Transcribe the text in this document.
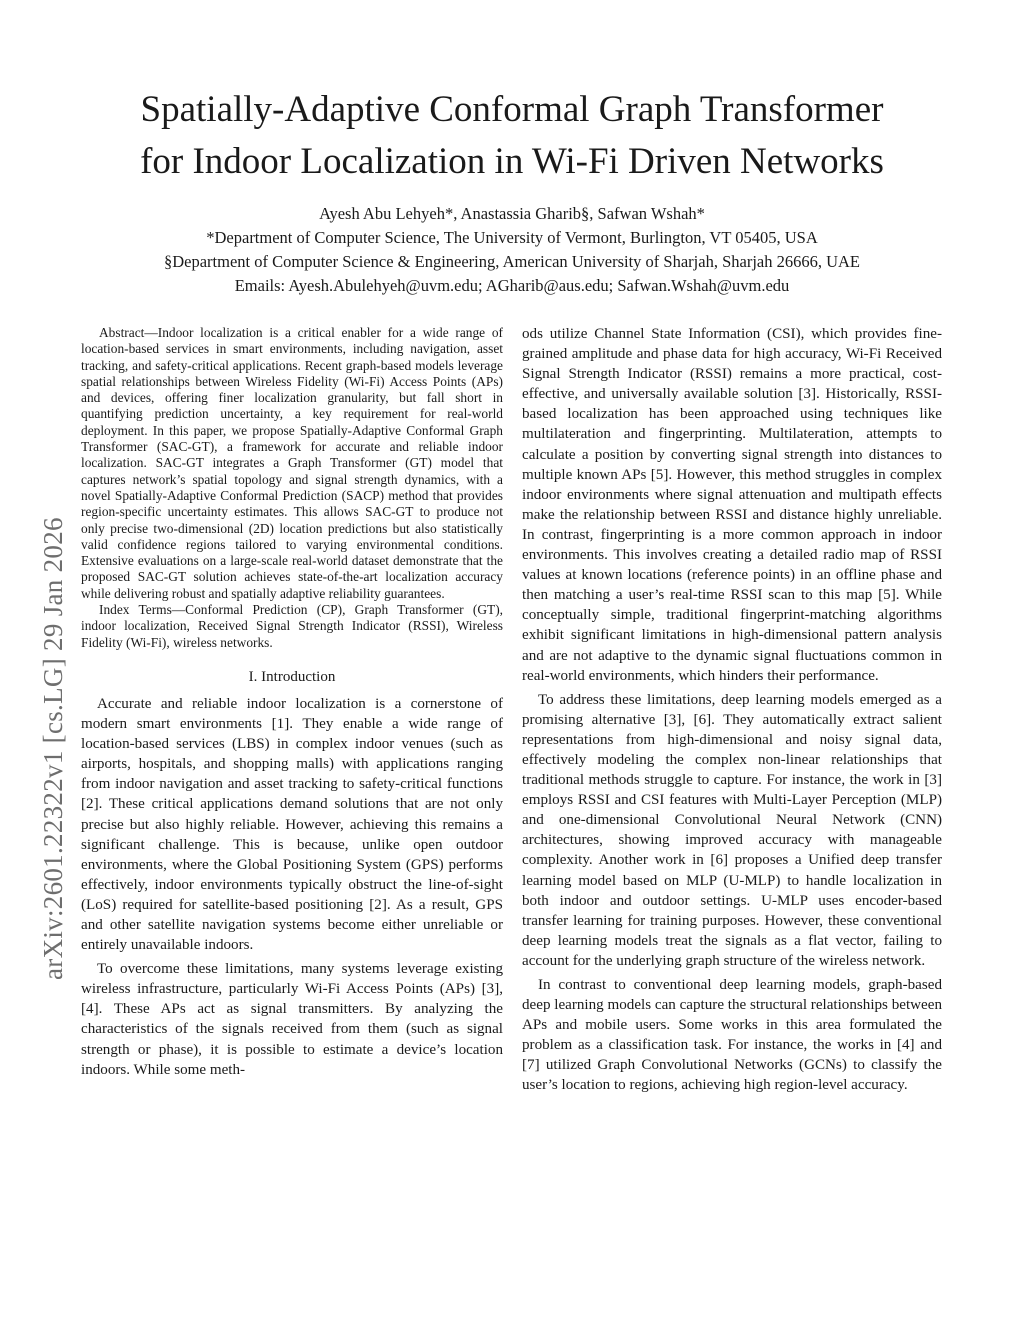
arXiv:2601.22322v1 [cs.LG] 29 Jan 2026
Spatially-Adaptive Conformal Graph Transformer
for Indoor Localization in Wi-Fi Driven Networks
Ayesh Abu Lehyeh*, Anastassia Gharib§, Safwan Wshah*
*Department of Computer Science, The University of Vermont, Burlington, VT 05405, USA
§Department of Computer Science & Engineering, American University of Sharjah, Sharjah 26666, UAE
Emails: Ayesh.Abulehyeh@uvm.edu; AGharib@aus.edu; Safwan.Wshah@uvm.edu

Abstract—Indoor localization is a critical enabler for a wide range of location-based services in smart environments, including navigation, asset tracking, and safety-critical applications. Recent graph-based models leverage spatial relationships between Wireless Fidelity (Wi-Fi) Access Points (APs) and devices, offering finer localization granularity, but fall short in quantifying prediction uncertainty, a key requirement for real-world deployment. In this paper, we propose Spatially-Adaptive Conformal Graph Transformer (SAC-GT), a framework for accurate and reliable indoor localization. SAC-GT integrates a Graph Transformer (GT) model that captures network’s spatial topology and signal strength dynamics, with a novel Spatially-Adaptive Conformal Prediction (SACP) method that provides region-specific uncertainty estimates. This allows SAC-GT to produce not only precise two-dimensional (2D) location predictions but also statistically valid confidence regions tailored to varying environmental conditions. Extensive evaluations on a large-scale real-world dataset demonstrate that the proposed SAC-GT solution achieves state-of-the-art localization accuracy while delivering robust and spatially adaptive reliability guarantees.

Index Terms—Conformal Prediction (CP), Graph Transformer (GT), indoor localization, Received Signal Strength Indicator (RSSI), Wireless Fidelity (Wi-Fi), wireless networks.

I. Introduction

Accurate and reliable indoor localization is a cornerstone of modern smart environments [1]. They enable a wide range of location-based services (LBS) in complex indoor venues (such as airports, hospitals, and shopping malls) with applications ranging from indoor navigation and asset tracking to safety-critical functions [2]. These critical applications demand solutions that are not only precise but also highly reliable. However, achieving this remains a significant challenge. This is because, unlike open outdoor environments, where the Global Positioning System (GPS) performs effectively, indoor environments typically obstruct the line-of-sight (LoS) required for satellite-based positioning [2]. As a result, GPS and other satellite navigation systems become either unreliable or entirely unavailable indoors.

To overcome these limitations, many systems leverage existing wireless infrastructure, particularly Wi-Fi Access Points (APs) [3], [4]. These APs act as signal transmitters. By analyzing the characteristics of the signals received from them (such as signal strength or phase), it is possible to estimate a device’s location indoors. While some meth-

ods utilize Channel State Information (CSI), which provides fine-grained amplitude and phase data for high accuracy, Wi-Fi Received Signal Strength Indicator (RSSI) remains a more practical, cost-effective, and universally available solution [3]. Historically, RSSI-based localization has been approached using techniques like multilateration and fingerprinting. Multilateration, attempts to calculate a position by converting signal strength into distances to multiple known APs [5]. However, this method struggles in complex indoor environments where signal attenuation and multipath effects make the relationship between RSSI and distance highly unreliable. In contrast, fingerprinting is a more common approach in indoor environments. This involves creating a detailed radio map of RSSI values at known locations (reference points) in an offline phase and then matching a user’s real-time RSSI scan to this map [5]. While conceptually simple, traditional fingerprint-matching algorithms exhibit significant limitations in high-dimensional pattern analysis and are not adaptive to the dynamic signal fluctuations common in real-world environments, which hinders their performance.

To address these limitations, deep learning models emerged as a promising alternative [3], [6]. They automatically extract salient representations from high-dimensional and noisy signal data, effectively modeling the complex non-linear relationships that traditional methods struggle to capture. For instance, the work in [3] employs RSSI and CSI features with Multi-Layer Perception (MLP) and one-dimensional Convolutional Neural Network (CNN) architectures, showing improved accuracy with manageable complexity. Another work in [6] proposes a Unified deep transfer learning model based on MLP (U-MLP) to handle localization in both indoor and outdoor settings. U-MLP uses encoder-based transfer learning for training purposes. However, these conventional deep learning models treat the signals as a flat vector, failing to account for the underlying graph structure of the wireless network.

In contrast to conventional deep learning models, graph-based deep learning models can capture the structural relationships between APs and mobile users. Some works in this area formulated the problem as a classification task. For instance, the works in [4] and [7] utilized Graph Convolutional Networks (GCNs) to classify the user’s location to regions, achieving high region-level accuracy.
